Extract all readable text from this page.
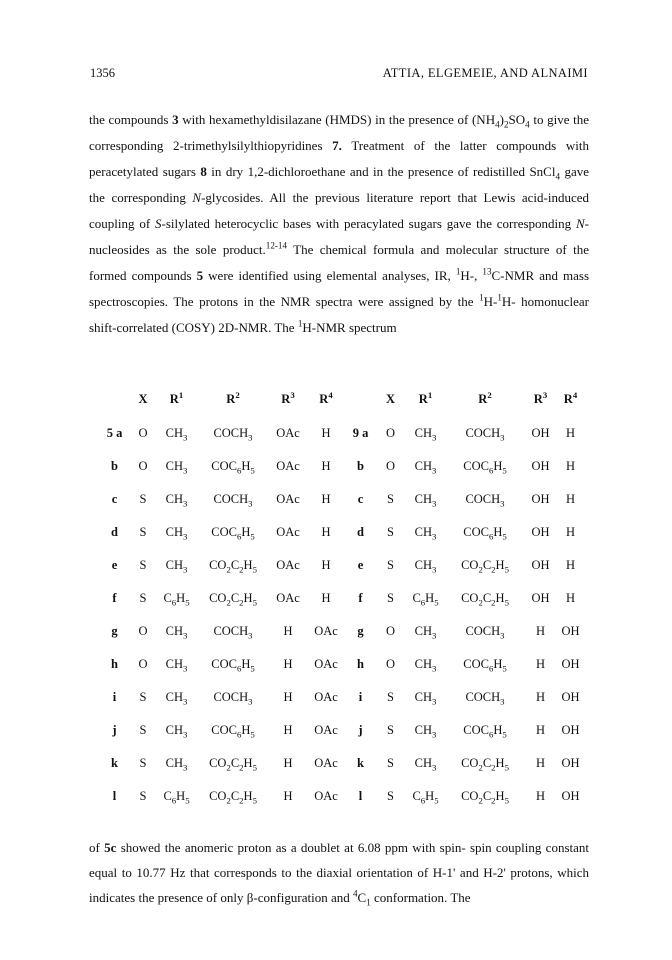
1356	ATTIA, ELGEMEIE, AND ALNAIMI

the compounds 3 with hexamethyldisilazane (HMDS) in the presence of $(NH_4)_2SO_4$ to give the corresponding 2-trimethylsilylthiopyridines 7. Treatment of the latter compounds with peracetylated sugars 8 in dry 1,2-dichloroethane and in the presence of redistilled SnCl$_4$ gave the corresponding N-glycosides. All the previous literature report that Lewis acid-induced coupling of S-silylated heterocyclic bases with peracylated sugars gave the corresponding N-nucleosides as the sole product.$^{12-14}$ The chemical formula and molecular structure of the formed compounds 5 were identified using elemental analyses, IR, $^1$H-, $^{13}$C-NMR and mass spectroscopies. The protons in the NMR spectra were assigned by the $^1$H-$^1$H- homonuclear shift-correlated (COSY) 2D-NMR. The $^1$H-NMR spectrum

	X	$R^1$	$R^2$	$R^3$	$R^4$		X	$R^1$	$R^2$	$R^3$	$R^4$
5 a	O	$CH_3$	$COCH_3$	OAc	H	9 a	O	$CH_3$	$COCH_3$	OH	H
b	O	$CH_3$	$COC_6H_5$	OAc	H	b	O	$CH_3$	$COC_6H_5$	OH	H
c	S	$CH_3$	$COCH_3$	OAc	H	c	S	$CH_3$	$COCH_3$	OH	H
d	S	$CH_3$	$COC_6H_5$	OAc	H	d	S	$CH_3$	$COC_6H_5$	OH	H
e	S	$CH_3$	$CO_2C_2H_5$	OAc	H	e	S	$CH_3$	$CO_2C_2H_5$	OH	H
f	S	$C_6H_5$	$CO_2C_2H_5$	OAc	H	f	S	$C_6H_5$	$CO_2C_2H_5$	OH	H
g	O	$CH_3$	$COCH_3$	H	OAc	g	O	$CH_3$	$COCH_3$	H	OH
h	O	$CH_3$	$COC_6H_5$	H	OAc	h	O	$CH_3$	$COC_6H_5$	H	OH
i	S	$CH_3$	$COCH_3$	H	OAc	i	S	$CH_3$	$COCH_3$	H	OH
j	S	$CH_3$	$COC_6H_5$	H	OAc	j	S	$CH_3$	$COC_6H_5$	H	OH
k	S	$CH_3$	$CO_2C_2H_5$	H	OAc	k	S	$CH_3$	$CO_2C_2H_5$	H	OH
l	S	$C_6H_5$	$CO_2C_2H_5$	H	OAc	l	S	$C_6H_5$	$CO_2C_2H_5$	H	OH

of 5c showed the anomeric proton as a doublet at 6.08 ppm with spin- spin coupling constant equal to 10.77 Hz that corresponds to the diaxial orientation of H-1' and H-2' protons, which indicates the presence of only β-configuration and $^4C_1$ conformation. The
